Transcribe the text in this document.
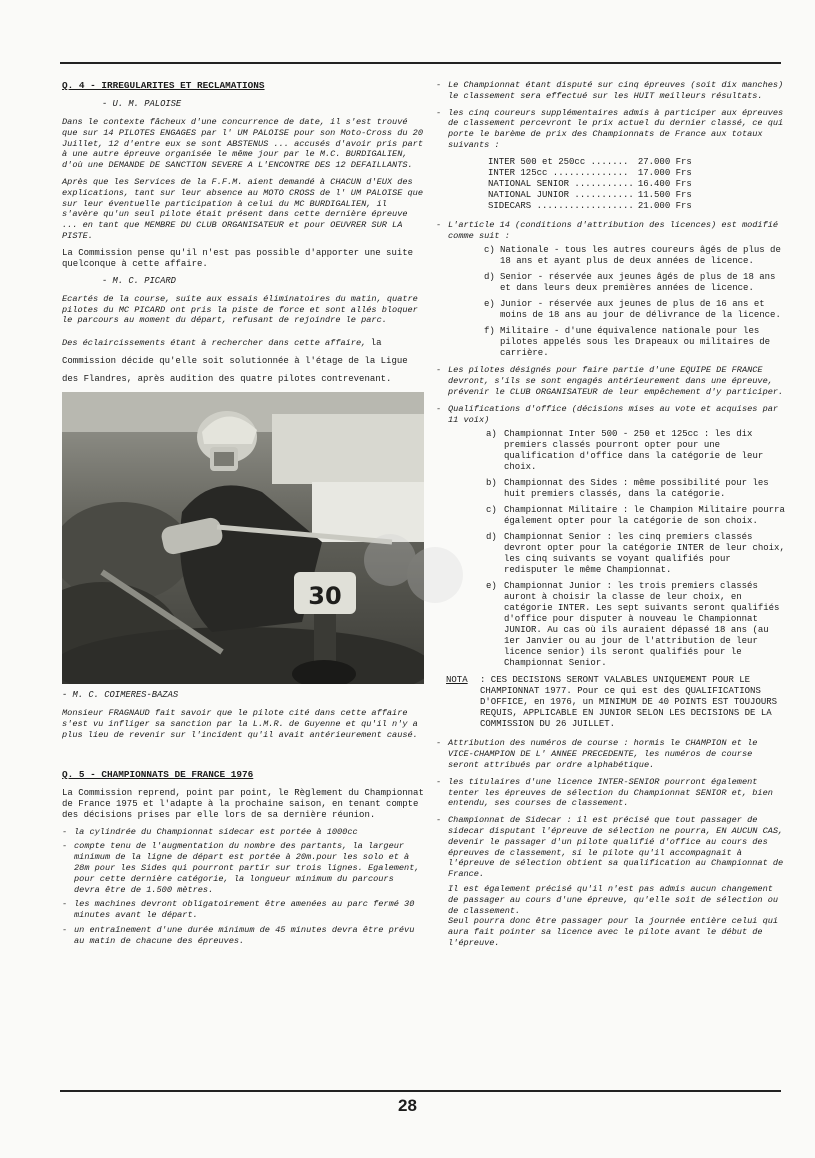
Q. 4 - IRREGULARITES ET RECLAMATIONS
- U. M. PALOISE

Dans le contexte fâcheux d'une concurrence de date, il s'est trouvé que sur 14 PILOTES ENGAGES par l' UM PALOISE pour son Moto-Cross du 20 Juillet, 12 d'entre eux se sont ABSTENUS ... accusés d'avoir pris part à une autre épreuve organisée le même jour par le M.C. BURDIGALIEN, d'où une DEMANDE DE SANCTION SEVERE A L'ENCONTRE DES 12 DEFAILLANTS.

Après que les Services de la F.F.M. aient demandé à CHACUN d'EUX des explications, tant sur leur absence au MOTO CROSS de l' UM PALOISE que sur leur éventuelle participation à celui du MC BURDIGALIEN, il s'avère qu'un seul pilote était présent dans cette dernière épreuve ... en tant que MEMBRE DU CLUB ORGANISATEUR et pour OEUVRER SUR LA PISTE.

La Commission pense qu'il n'est pas possible d'apporter une suite quelconque à cette affaire.

- M. C. PICARD

Ecartés de la course, suite aux essais éliminatoires du matin, quatre pilotes du MC PICARD ont pris la piste de force et sont allés bloquer le parcours au moment du départ, refusant de rejoindre le parc.

Des éclaircissements étant à rechercher dans cette affaire, la Commission décide qu'elle soit solutionnée à l'étage de la Ligue des Flandres, après audition des quatre pilotes contrevenant.

30
- M. C. COIMERES-BAZAS

Monsieur FRAGNAUD fait savoir que le pilote cité dans cette affaire s'est vu infliger sa sanction par la L.M.R. de Guyenne et qu'il n'y a plus lieu de revenir sur l'incident qu'il avait antérieurement causé.

Q. 5 - CHAMPIONNATS DE FRANCE 1976

La Commission reprend, point par point, le Règlement du Championnat de France 1975 et l'adapte à la prochaine saison, en tenant compte des décisions prises par elle lors de sa dernière réunion.

- la cylindrée du Championnat sidecar est portée à 1000cc
- compte tenu de l'augmentation du nombre des partants, la largeur minimum de la ligne de départ est portée à 20m.pour les solo et à 28m pour les Sides qui pourront partir sur trois lignes. Egalement, pour cette dernière catégorie, la longueur minimum du parcours devra être de 1.500 mètres.
- les machines devront obligatoirement être amenées au parc fermé 30 minutes avant le départ.
- un entraînement d'une durée minimum de 45 minutes devra être prévu au matin de chacune des épreuves.
- Le Championnat étant disputé sur cinq épreuves (soit dix manches) le classement sera effectué sur les HUIT meilleurs résultats.
- les cinq coureurs supplémentaires admis à participer aux épreuves de classement percevront le prix actuel du dernier classé, ce qui porte le barème de prix des Championnats de France aux totaux suivants :
INTER 500 et 250cc .......	27.000 Frs
INTER 125cc ..............	17.000 Frs
NATIONAL SENIOR ...........	16.400 Frs
NATIONAL JUNIOR ...........	11.500 Frs
SIDECARS ..................	21.000 Frs
- L'article 14 (conditions d'attribution des licences) est modifié comme suit :
c) Nationale - tous les autres coureurs âgés de plus de 18 ans et ayant plus de deux années de licence.
d) Senior - réservée aux jeunes âgés de plus de 18 ans et dans leurs deux premières années de licence.
e) Junior - réservée aux jeunes de plus de 16 ans et moins de 18 ans au jour de délivrance de la licence.
f) Militaire - d'une équivalence nationale pour les pilotes appelés sous les Drapeaux ou militaires de carrière.
- Les pilotes désignés pour faire partie d'une EQUIPE DE FRANCE devront, s'ils se sont engagés antérieurement dans une épreuve, prévenir le CLUB ORGANISATEUR de leur empêchement d'y participer.
- Qualifications d'office (décisions mises au vote et acquises par 11 voix)
a) Championnat Inter 500 - 250 et 125cc : les dix premiers classés pourront opter pour une qualification d'office dans la catégorie de leur choix.
b) Championnat des Sides : même possibilité pour les huit premiers classés, dans la catégorie.
c) Championnat Militaire : le Champion Militaire pourra également opter pour la catégorie de son choix.
d) Championnat Senior : les cinq premiers classés devront opter pour la catégorie INTER de leur choix, les cinq suivants se voyant qualifiés pour redisputer le même Championnat.
e) Championnat Junior : les trois premiers classés auront à choisir la classe de leur choix, en catégorie INTER. Les sept suivants seront qualifiés d'office pour disputer à nouveau le Championnat JUNIOR. Au cas où ils auraient dépassé 18 ans (au 1er Janvier ou au jour de l'attribution de leur licence senior) ils seront qualifiés pour le Championnat Senior.
NOTA : CES DECISIONS SERONT VALABLES UNIQUEMENT POUR LE CHAMPIONNAT 1977. Pour ce qui est des QUALIFICATIONS D'OFFICE, en 1976, un MINIMUM DE 40 POINTS EST TOUJOURS REQUIS, APPLICABLE EN JUNIOR SELON LES DECISIONS DE LA COMMISSION DU 26 JUILLET.
- Attribution des numéros de course : hormis le CHAMPION et le VICE-CHAMPION DE L' ANNEE PRECEDENTE, les numéros de course seront attribués par ordre alphabétique.
- les titulaires d'une licence INTER-SENIOR pourront également tenter les épreuves de sélection du Championnat SENIOR et, bien entendu, ses courses de classement.
- Championnat de Sidecar : il est précisé que tout passager de sidecar disputant l'épreuve de sélection ne pourra, EN AUCUN CAS, devenir le passager d'un pilote qualifié d'office au cours des épreuves de classement, si le pilote qu'il accompagnait à l'épreuve de sélection obtient sa qualification au Championnat de France.

Il est également précisé qu'il n'est pas admis aucun changement de passager au cours d'une épreuve, qu'elle soit de sélection ou de classement.

Seul pourra donc être passager pour la journée entière celui qui aura fait pointer sa licence avec le pilote avant le début de l'épreuve.

28
